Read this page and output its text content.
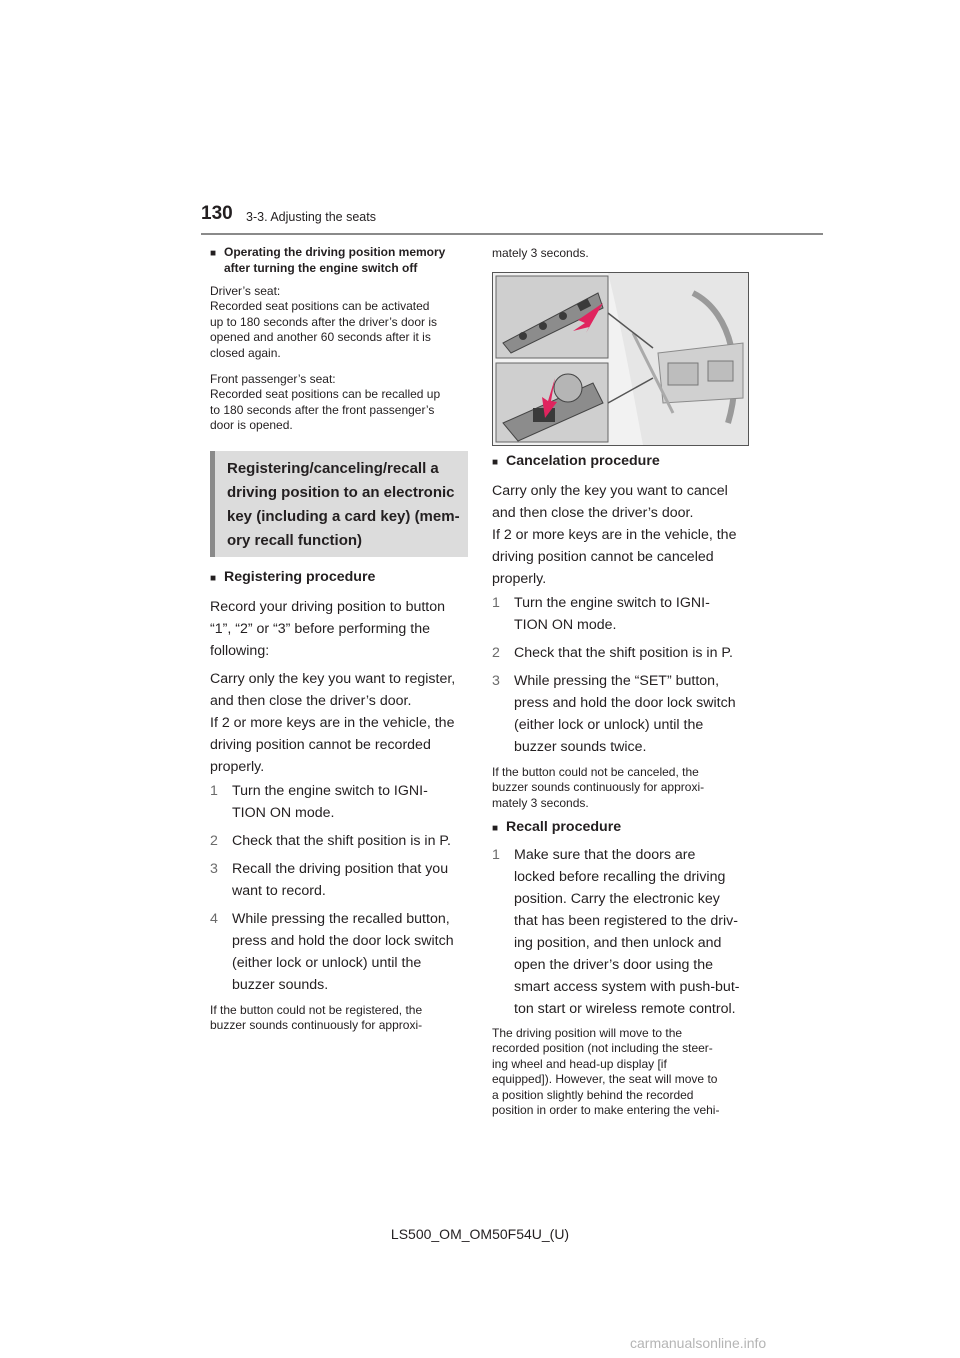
130 3-3. Adjusting the seats
■ Operating the driving position memory
after turning the engine switch off
Driver’s seat:
Recorded seat positions can be activated
up to 180 seconds after the driver’s door is
opened and another 60 seconds after it is
closed again.
Front passenger’s seat:
Recorded seat positions can be recalled up
to 180 seconds after the front passenger’s
door is opened.
Registering/canceling/recall a
driving position to an electronic
key (including a card key) (mem-
ory recall function)
■ Registering procedure
Record your driving position to button
“1”, “2” or “3” before performing the
following:
Carry only the key you want to register,
and then close the driver’s door.
If 2 or more keys are in the vehicle, the
driving position cannot be recorded
properly.
1 Turn the engine switch to IGNI-
TION ON mode.
2 Check that the shift position is in P.
3 Recall the driving position that you
want to record.
4 While pressing the recalled button,
press and hold the door lock switch
(either lock or unlock) until the
buzzer sounds.
If the button could not be registered, the
buzzer sounds continuously for approxi-
mately 3 seconds.
■ Cancelation procedure
Carry only the key you want to cancel
and then close the driver’s door.
If 2 or more keys are in the vehicle, the
driving position cannot be canceled
properly.
1 Turn the engine switch to IGNI-
TION ON mode.
2 Check that the shift position is in P.
3 While pressing the “SET” button,
press and hold the door lock switch
(either lock or unlock) until the
buzzer sounds twice.
If the button could not be canceled, the
buzzer sounds continuously for approxi-
mately 3 seconds.
■ Recall procedure
1 Make sure that the doors are
locked before recalling the driving
position. Carry the electronic key
that has been registered to the driv-
ing position, and then unlock and
open the driver’s door using the
smart access system with push-but-
ton start or wireless remote control.
The driving position will move to the
recorded position (not including the steer-
ing wheel and head-up display [if
equipped]). However, the seat will move to
a position slightly behind the recorded
position in order to make entering the vehi-
LS500_OM_OM50F54U_(U)
carmanualsonline.info
